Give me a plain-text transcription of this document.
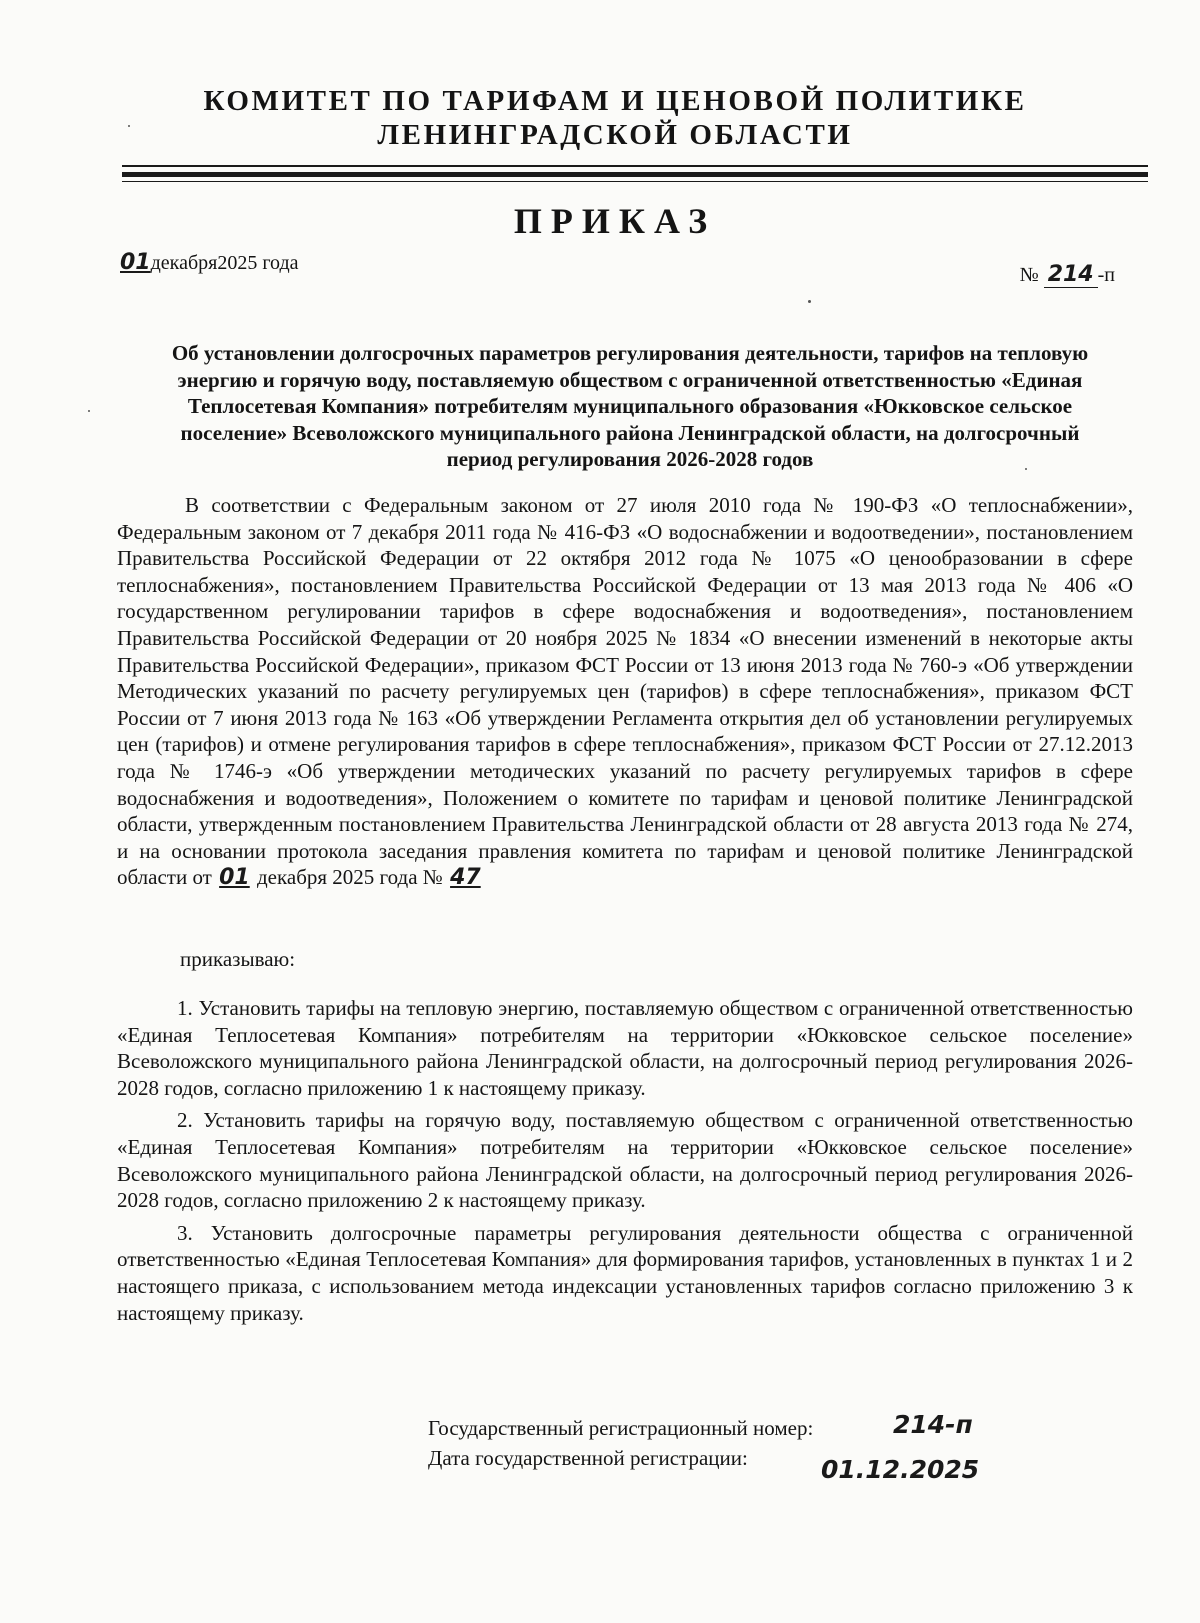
КОМИТЕТ ПО ТАРИФАМ И ЦЕНОВОЙ ПОЛИТИКЕ
ЛЕНИНГРАДСКОЙ ОБЛАСТИ
ПРИКАЗ
01декабря2025 года
№ 214 -п

Об установлении долгосрочных параметров регулирования деятельности, тарифов на тепловую энергию и горячую воду, поставляемую обществом с ограниченной ответственностью «Единая Теплосетевая Компания» потребителям муниципального образования «Юкковское сельское поселение» Всеволожского муниципального района Ленинградской области, на долгосрочный период регулирования 2026-2028 годов

В соответствии с Федеральным законом от 27 июля 2010 года № 190-ФЗ «О теплоснабжении», Федеральным законом от 7 декабря 2011 года № 416-ФЗ «О водоснабжении и водоотведении», постановлением Правительства Российской Федерации от 22 октября 2012 года № 1075 «О ценообразовании в сфере теплоснабжения», постановлением Правительства Российской Федерации от 13 мая 2013 года № 406 «О государственном регулировании тарифов в сфере водоснабжения и водоотведения», постановлением Правительства Российской Федерации от 20 ноября 2025 № 1834 «О внесении изменений в некоторые акты Правительства Российской Федерации», приказом ФСТ России от 13 июня 2013 года № 760-э «Об утверждении Методических указаний по расчету регулируемых цен (тарифов) в сфере теплоснабжения», приказом ФСТ России от 7 июня 2013 года № 163 «Об утверждении Регламента открытия дел об установлении регулируемых цен (тарифов) и отмене регулирования тарифов в сфере теплоснабжения», приказом ФСТ России от 27.12.2013 года № 1746-э «Об утверждении методических указаний по расчету регулируемых тарифов в сфере водоснабжения и водоотведения», Положением о комитете по тарифам и ценовой политике Ленинградской области, утвержденным постановлением Правительства Ленинградской области от 28 августа 2013 года № 274, и на основании протокола заседания правления комитета по тарифам и ценовой политике Ленинградской области от 01 декабря 2025 года № 47

приказываю:

1. Установить тарифы на тепловую энергию, поставляемую обществом с ограниченной ответственностью «Единая Теплосетевая Компания» потребителям на территории «Юкковское сельское поселение» Всеволожского муниципального района Ленинградской области, на долгосрочный период регулирования 2026-2028 годов, согласно приложению 1 к настоящему приказу.

2. Установить тарифы на горячую воду, поставляемую обществом с ограниченной ответственностью «Единая Теплосетевая Компания» потребителям на территории «Юкковское сельское поселение» Всеволожского муниципального района Ленинградской области, на долгосрочный период регулирования 2026-2028 годов, согласно приложению 2 к настоящему приказу.

3. Установить долгосрочные параметры регулирования деятельности общества с ограниченной ответственностью «Единая Теплосетевая Компания» для формирования тарифов, установленных в пунктах 1 и 2 настоящего приказа, с использованием метода индексации установленных тарифов согласно приложению 3 к настоящему приказу.

Государственный регистрационный номер:	214-п
Дата государственной регистрации:	01.12.2025
